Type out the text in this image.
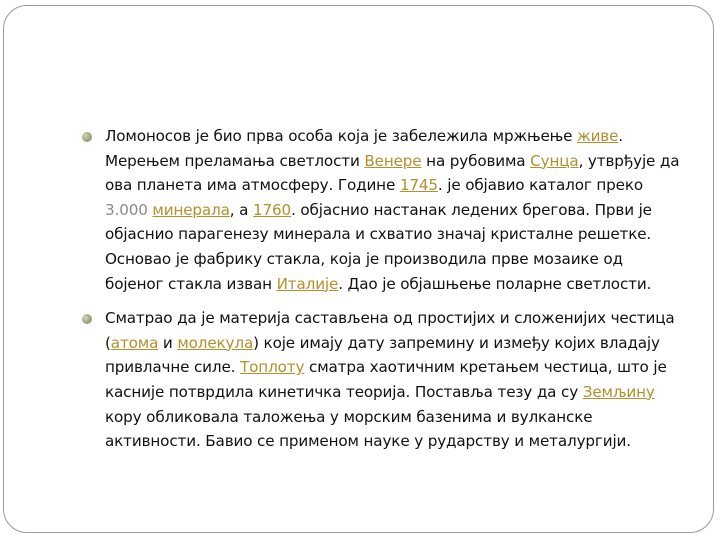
Ломоносов је био прва особа која је забележила мржњење живе. Мерењем преламања светлости Венере на рубовима Сунца, утврђује да ова планета има атмосферу. Године 1745. је објавио каталог преко 3.000 минерала, а 1760. објаснио настанак ледених брегова. Први је објаснио парагенезу минерала и схватио значај кристалне решетке. Основао је фабрику стакла, која је производила прве мозаике од бојеног стакла изван Италије. Дао је објашњење поларне светлости.
Сматрао да је материја састављена од простијих и сложенијих честица (атома и молекула) које имају дату запремину и између којих владају привлачне силе. Топлоту сматра хаотичним кретањем честица, што је касније потврдила кинетичка теорија. Поставља тезу да су Земљину кору обликовала таложења у морским базенима и вулканске активности. Бавио се применом науке у рударству и металургији.
